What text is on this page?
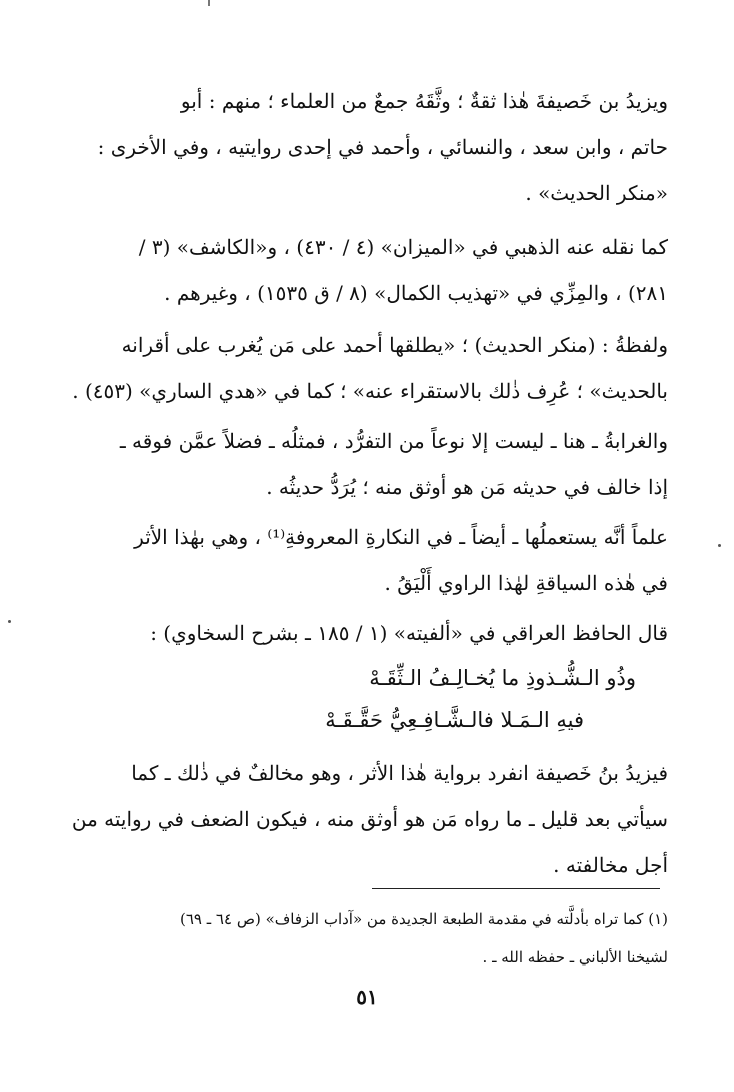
ويزيدُ بن خَصيفةَ هٰذا ثقةٌ ؛ وثَّقَهُ جمعٌ من العلماء ؛ منهم : أبو
حاتم ، وابن سعد ، والنسائي ، وأحمد في إحدى روايتيه ، وفي الأخرى :
«منكر الحديث» .
كما نقله عنه الذهبي في «الميزان» (٤ / ٤٣٠) ، و«الكاشف» (٣ /
٢٨١) ، والمِزِّي في «تهذيب الكمال» (٨ / ق ١٥٣٥) ، وغيرهم .
ولفظةُ : (منكر الحديث) ؛ «يطلقها أحمد على مَن يُغرب على أقرانه
بالحديث» ؛ عُرِف ذٰلك بالاستقراء عنه» ؛ كما في «هدي الساري» (٤٥٣) .
والغرابةُ ـ هنا ـ ليست إلا نوعاً من التفرُّد ، فمثلُه ـ فضلاً عمَّن فوقه ـ
إذا خالف في حديثه مَن هو أوثق منه ؛ يُرَدُّ حديثُه .
علماً أنَّه يستعملُها ـ أيضاً ـ في النكارةِ المعروفةِ⁽¹⁾ ، وهي بهٰذا الأثر
في هٰذه السياقةِ لهٰذا الراوي أَلْيَقُ .
قال الحافظ العراقي في «ألفيته» (١ / ١٨٥ ـ بشرح السخاوي) :
وذُو الـشُّـذوذِ ما يُخـالِـفُ الـثِّقَـهْ
فيهِ الـمَـلا فالـشَّـافِـعِيُّ حَقَّـقَـهْ
فيزيدُ بنُ خَصيفة انفرد برواية هٰذا الأثر ، وهو مخالفٌ في ذٰلك ـ كما
سيأتي بعد قليل ـ ما رواه مَن هو أوثق منه ، فيكون الضعف في روايته من
أجل مخالفته .
(١) كما تراه بأدلَّته في مقدمة الطبعة الجديدة من «آداب الزفاف» (ص ٦٤ ـ ٦٩)
لشيخنا الألباني ـ حفظه الله ـ .
٥١
